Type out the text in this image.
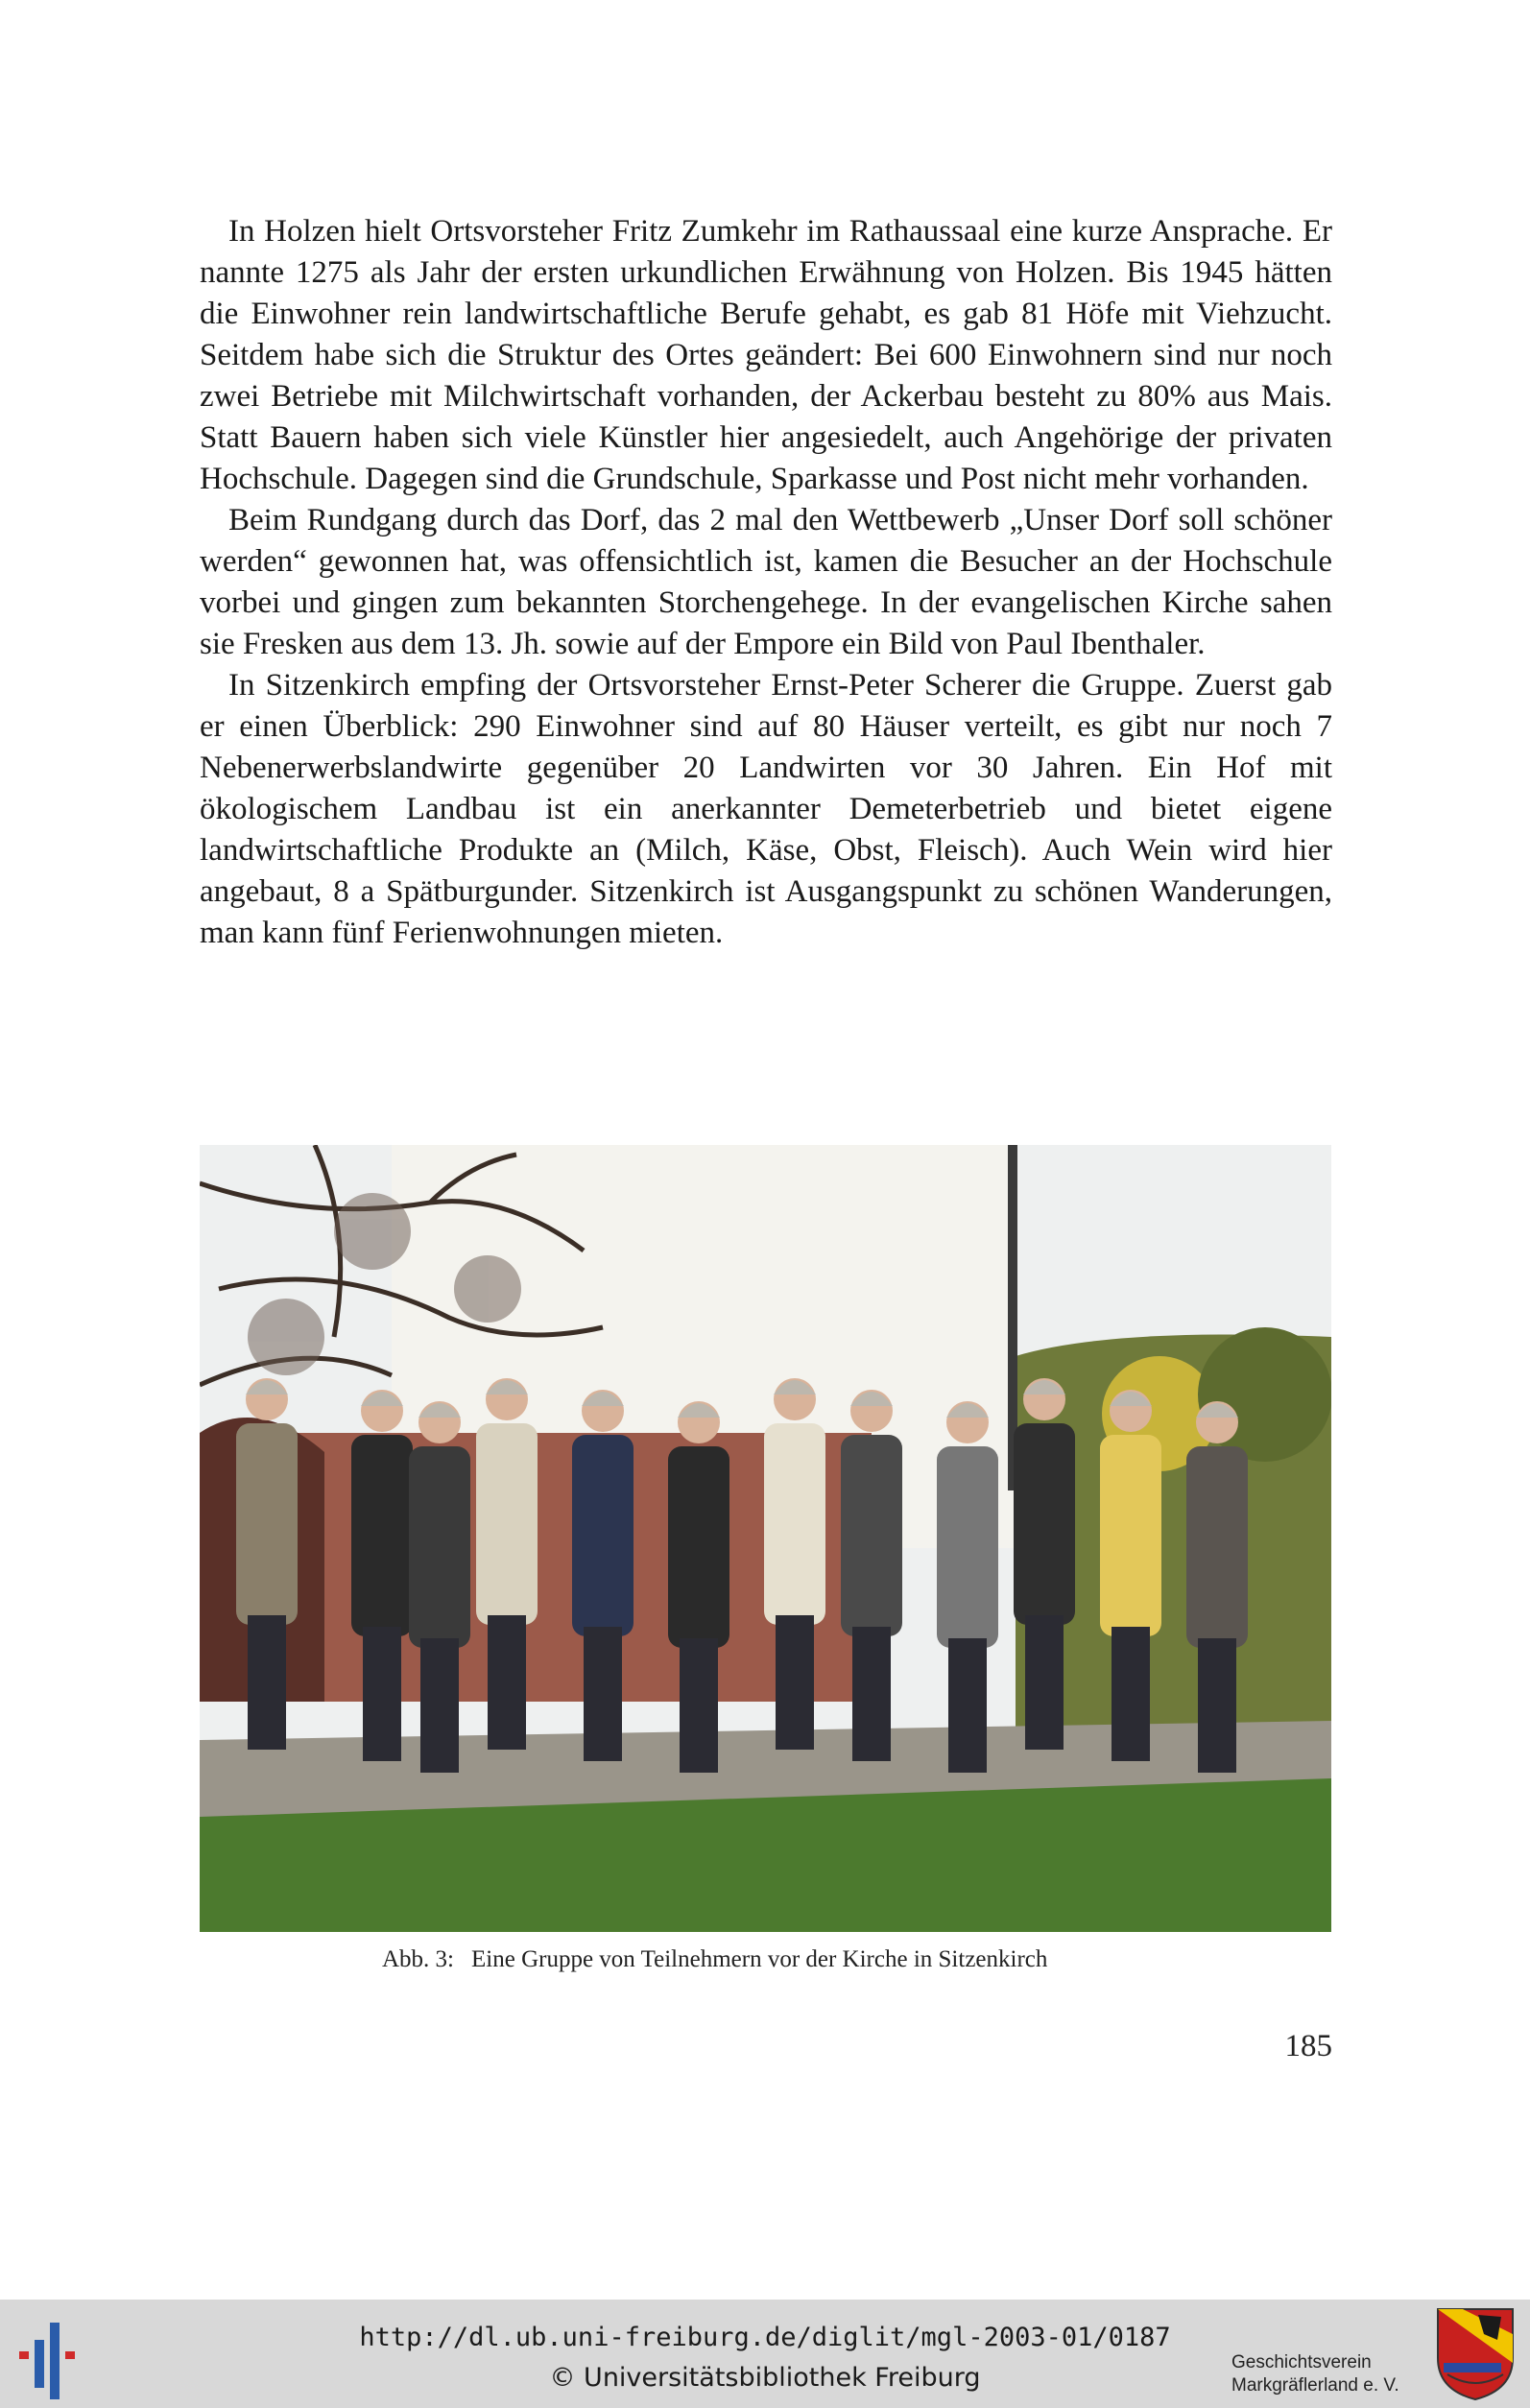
In Holzen hielt Ortsvorsteher Fritz Zumkehr im Rathaussaal eine kurze Ansprache. Er nannte 1275 als Jahr der ersten urkundlichen Erwähnung von Holzen. Bis 1945 hätten die Einwohner rein landwirtschaftliche Berufe gehabt, es gab 81 Höfe mit Viehzucht. Seitdem habe sich die Struktur des Ortes geändert: Bei 600 Einwohnern sind nur noch zwei Betriebe mit Milchwirtschaft vorhanden, der Ackerbau besteht zu 80% aus Mais. Statt Bauern haben sich viele Künstler hier angesiedelt, auch Angehörige der privaten Hochschule. Dagegen sind die Grundschule, Sparkasse und Post nicht mehr vorhanden.

Beim Rundgang durch das Dorf, das 2 mal den Wettbewerb „Unser Dorf soll schöner werden“ gewonnen hat, was offensichtlich ist, kamen die Besucher an der Hochschule vorbei und gingen zum bekannten Storchengehege. In der evangelischen Kirche sahen sie Fresken aus dem 13. Jh. sowie auf der Empore ein Bild von Paul Ibenthaler.

In Sitzenkirch empfing der Ortsvorsteher Ernst-Peter Scherer die Gruppe. Zuerst gab er einen Überblick: 290 Einwohner sind auf 80 Häuser verteilt, es gibt nur noch 7 Nebenerwerbslandwirte gegenüber 20 Landwirten vor 30 Jahren. Ein Hof mit ökologischem Landbau ist ein anerkannter Demeterbetrieb und bietet eigene landwirtschaftliche Produkte an (Milch, Käse, Obst, Fleisch). Auch Wein wird hier angebaut, 8 a Spätburgunder. Sitzenkirch ist Ausgangspunkt zu schönen Wanderungen, man kann fünf Ferienwohnungen mieten.

Abb. 3: Eine Gruppe von Teilnehmern vor der Kirche in Sitzenkirch
185
http://dl.ub.uni-freiburg.de/diglit/mgl-2003-01/0187
© Universitätsbibliothek Freiburg
Geschichtsverein
Markgräflerland e. V.
